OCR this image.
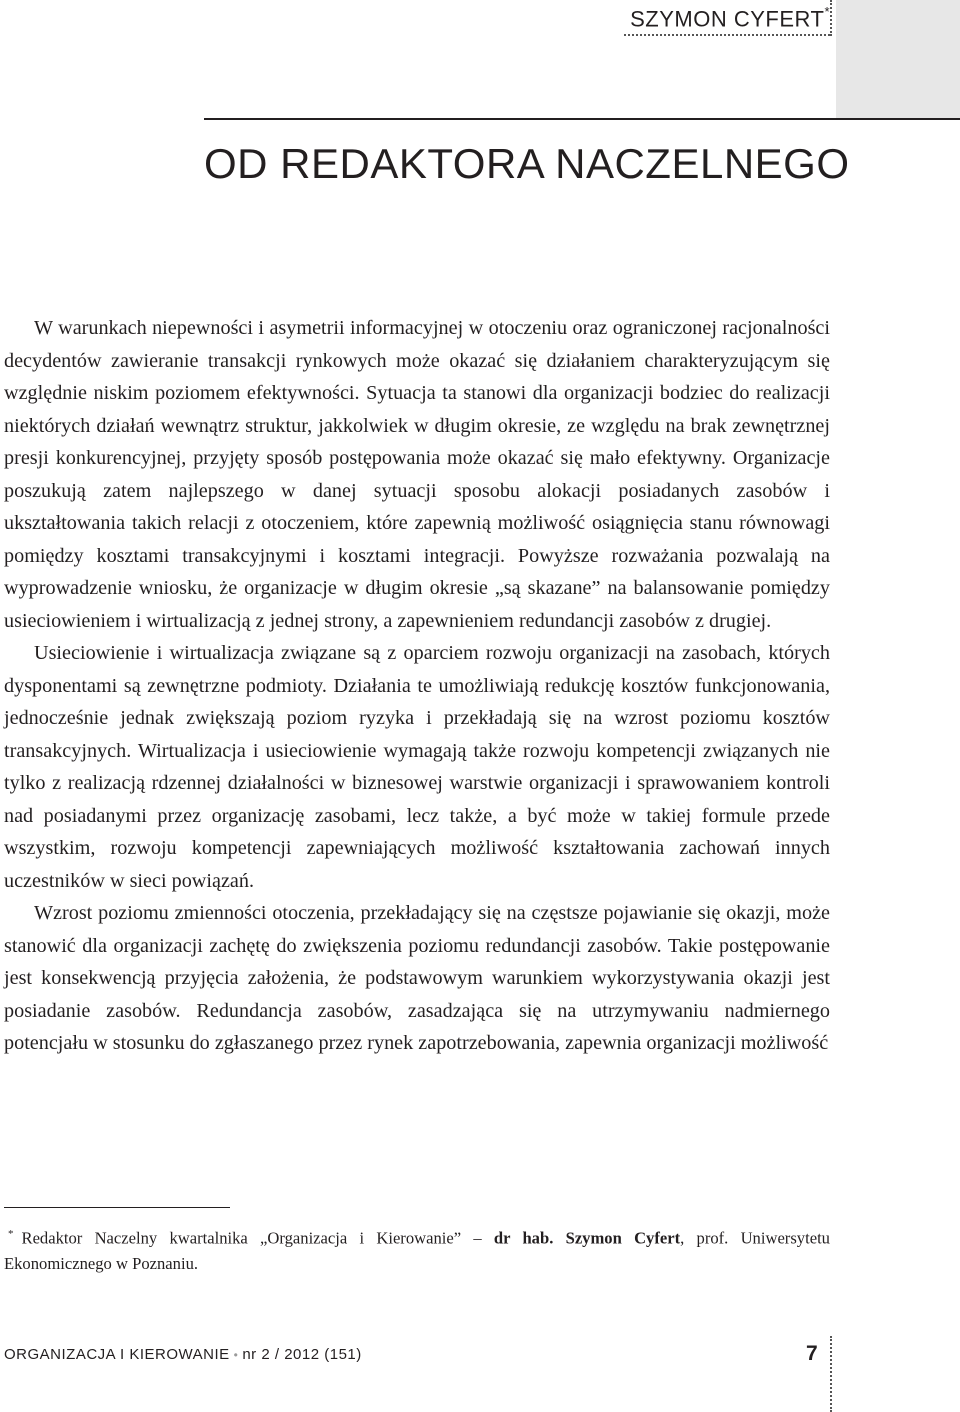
SZYMON CYFERT*
OD REDAKTORA NACZELNEGO

W warunkach niepewności i asymetrii informacyjnej w otoczeniu oraz ograniczonej racjonalności decydentów zawieranie transakcji rynkowych może okazać się działaniem charakteryzującym się względnie niskim poziomem efektywności. Sytuacja ta stanowi dla organizacji bodziec do realizacji niektórych działań wewnątrz struktur, jakkolwiek w długim okresie, ze względu na brak zewnętrznej presji konkurencyjnej, przyjęty sposób postępowania może okazać się mało efektywny. Organizacje poszukują zatem najlepszego w danej sytuacji sposobu alokacji posiadanych zasobów i ukształtowania takich relacji z otoczeniem, które zapewnią możliwość osiągnięcia stanu równowagi pomiędzy kosztami transakcyjnymi i kosztami integracji. Powyższe rozważania pozwalają na wyprowadzenie wniosku, że organizacje w długim okresie „są skazane” na balansowanie pomiędzy usieciowieniem i wirtualizacją z jednej strony, a zapewnieniem redundancji zasobów z drugiej.

Usieciowienie i wirtualizacja związane są z oparciem rozwoju organizacji na zasobach, których dysponentami są zewnętrzne podmioty. Działania te umożliwiają redukcję kosztów funkcjonowania, jednocześnie jednak zwiększają poziom ryzyka i przekładają się na wzrost poziomu kosztów transakcyjnych. Wirtualizacja i usieciowienie wymagają także rozwoju kompetencji związanych nie tylko z realizacją rdzennej działalności w biznesowej warstwie organizacji i sprawowaniem kontroli nad posiadanymi przez organizację zasobami, lecz także, a być może w takiej formule przede wszystkim, rozwoju kompetencji zapewniających możliwość kształtowania zachowań innych uczestników w sieci powiązań.

Wzrost poziomu zmienności otoczenia, przekładający się na częstsze pojawianie się okazji, może stanowić dla organizacji zachętę do zwiększenia poziomu redundancji zasobów. Takie postępowanie jest konsekwencją przyjęcia założenia, że podstawowym warunkiem wykorzystywania okazji jest posiadanie zasobów. Redundancja zasobów, zasadzająca się na utrzymywaniu nadmiernego potencjału w stosunku do zgłaszanego przez rynek zapotrzebowania, zapewnia organizacji możliwość

* Redaktor Naczelny kwartalnika „Organizacja i Kierowanie” – dr hab. Szymon Cyfert, prof. Uniwersytetu Ekonomicznego w Poznaniu.

ORGANIZACJA I KIEROWANIE • nr 2 / 2012 (151)	7
